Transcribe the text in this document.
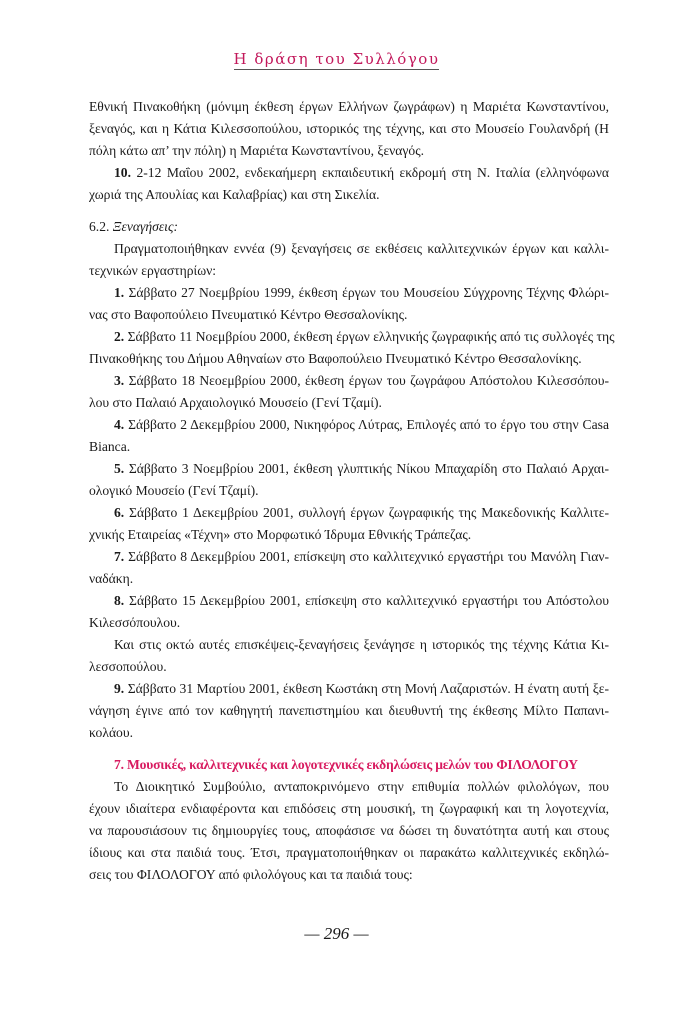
Η δράση του Συλλόγου
Εθνική Πινακοθήκη (μόνιμη έκθεση έργων Ελλήνων ζωγράφων) η Μαριέτα Κωνσταντίνου,
ξεναγός, και η Κάτια Κιλεσσοπούλου, ιστορικός της τέχνης, και στο Μουσείο Γουλανδρή (Η
πόλη κάτω απ’ την πόλη) η Μαριέτα Κωνσταντίνου, ξεναγός.
10. 2-12 Μαΐου 2002, ενδεκαήμερη εκπαιδευτική εκδρομή στη Ν. Ιταλία (ελληνόφωνα
χωριά της Απουλίας και Καλαβρίας) και στη Σικελία.
6.2. Ξεναγήσεις:
Πραγματοποιήθηκαν εννέα (9) ξεναγήσεις σε εκθέσεις καλλιτεχνικών έργων και καλλι-
τεχνικών εργαστηρίων:
1. Σάββατο 27 Νοεμβρίου 1999, έκθεση έργων του Μουσείου Σύγχρονης Τέχνης Φλώρι-
νας στο Βαφοπούλειο Πνευματικό Κέντρο Θεσσαλονίκης.
2. Σάββατο 11 Νοεμβρίου 2000, έκθεση έργων ελληνικής ζωγραφικής από τις συλλογές της
Πινακοθήκης του Δήμου Αθηναίων στο Βαφοπούλειο Πνευματικό Κέντρο Θεσσαλονίκης.
3. Σάββατο 18 Νεοεμβρίου 2000, έκθεση έργων του ζωγράφου Απόστολου Κιλεσσόπου-
λου στο Παλαιό Αρχαιολογικό Μουσείο (Γενί Τζαμί).
4. Σάββατο 2 Δεκεμβρίου 2000, Νικηφόρος Λύτρας, Επιλογές από το έργο του στην Casa
Bianca.
5. Σάββατο 3 Νοεμβρίου 2001, έκθεση γλυπτικής Νίκου Μπαχαρίδη στο Παλαιό Αρχαι-
ολογικό Μουσείο (Γενί Τζαμί).
6. Σάββατο 1 Δεκεμβρίου 2001, συλλογή έργων ζωγραφικής της Μακεδονικής Καλλιτε-
χνικής Εταιρείας «Τέχνη» στο Μορφωτικό Ίδρυμα Εθνικής Τράπεζας.
7. Σάββατο 8 Δεκεμβρίου 2001, επίσκεψη στο καλλιτεχνικό εργαστήρι του Μανόλη Γιαν-
ναδάκη.
8. Σάββατο 15 Δεκεμβρίου 2001, επίσκεψη στο καλλιτεχνικό εργαστήρι του Απόστολου
Κιλεσσόπουλου.
Και στις οκτώ αυτές επισκέψεις-ξεναγήσεις ξενάγησε η ιστορικός της τέχνης Κάτια Κι-
λεσσοπούλου.
9. Σάββατο 31 Μαρτίου 2001, έκθεση Κωστάκη στη Μονή Λαζαριστών. Η ένατη αυτή ξε-
νάγηση έγινε από τον καθηγητή πανεπιστημίου και διευθυντή της έκθεσης Μίλτο Παπανι-
κολάου.
7. Μουσικές, καλλιτεχνικές και λογοτεχνικές εκδηλώσεις μελών του ΦΙΛΟΛΟΓΟΥ
Το Διοικητικό Συμβούλιο, ανταποκρινόμενο στην επιθυμία πολλών φιλολόγων, που
έχουν ιδιαίτερα ενδιαφέροντα και επιδόσεις στη μουσική, τη ζωγραφική και τη λογοτεχνία,
να παρουσιάσουν τις δημιουργίες τους, αποφάσισε να δώσει τη δυνατότητα αυτή και στους
ίδιους και στα παιδιά τους. Έτσι, πραγματοποιήθηκαν οι παρακάτω καλλιτεχνικές εκδηλώ-
σεις του ΦΙΛΟΛΟΓΟΥ από φιλολόγους και τα παιδιά τους:
— 296 —
